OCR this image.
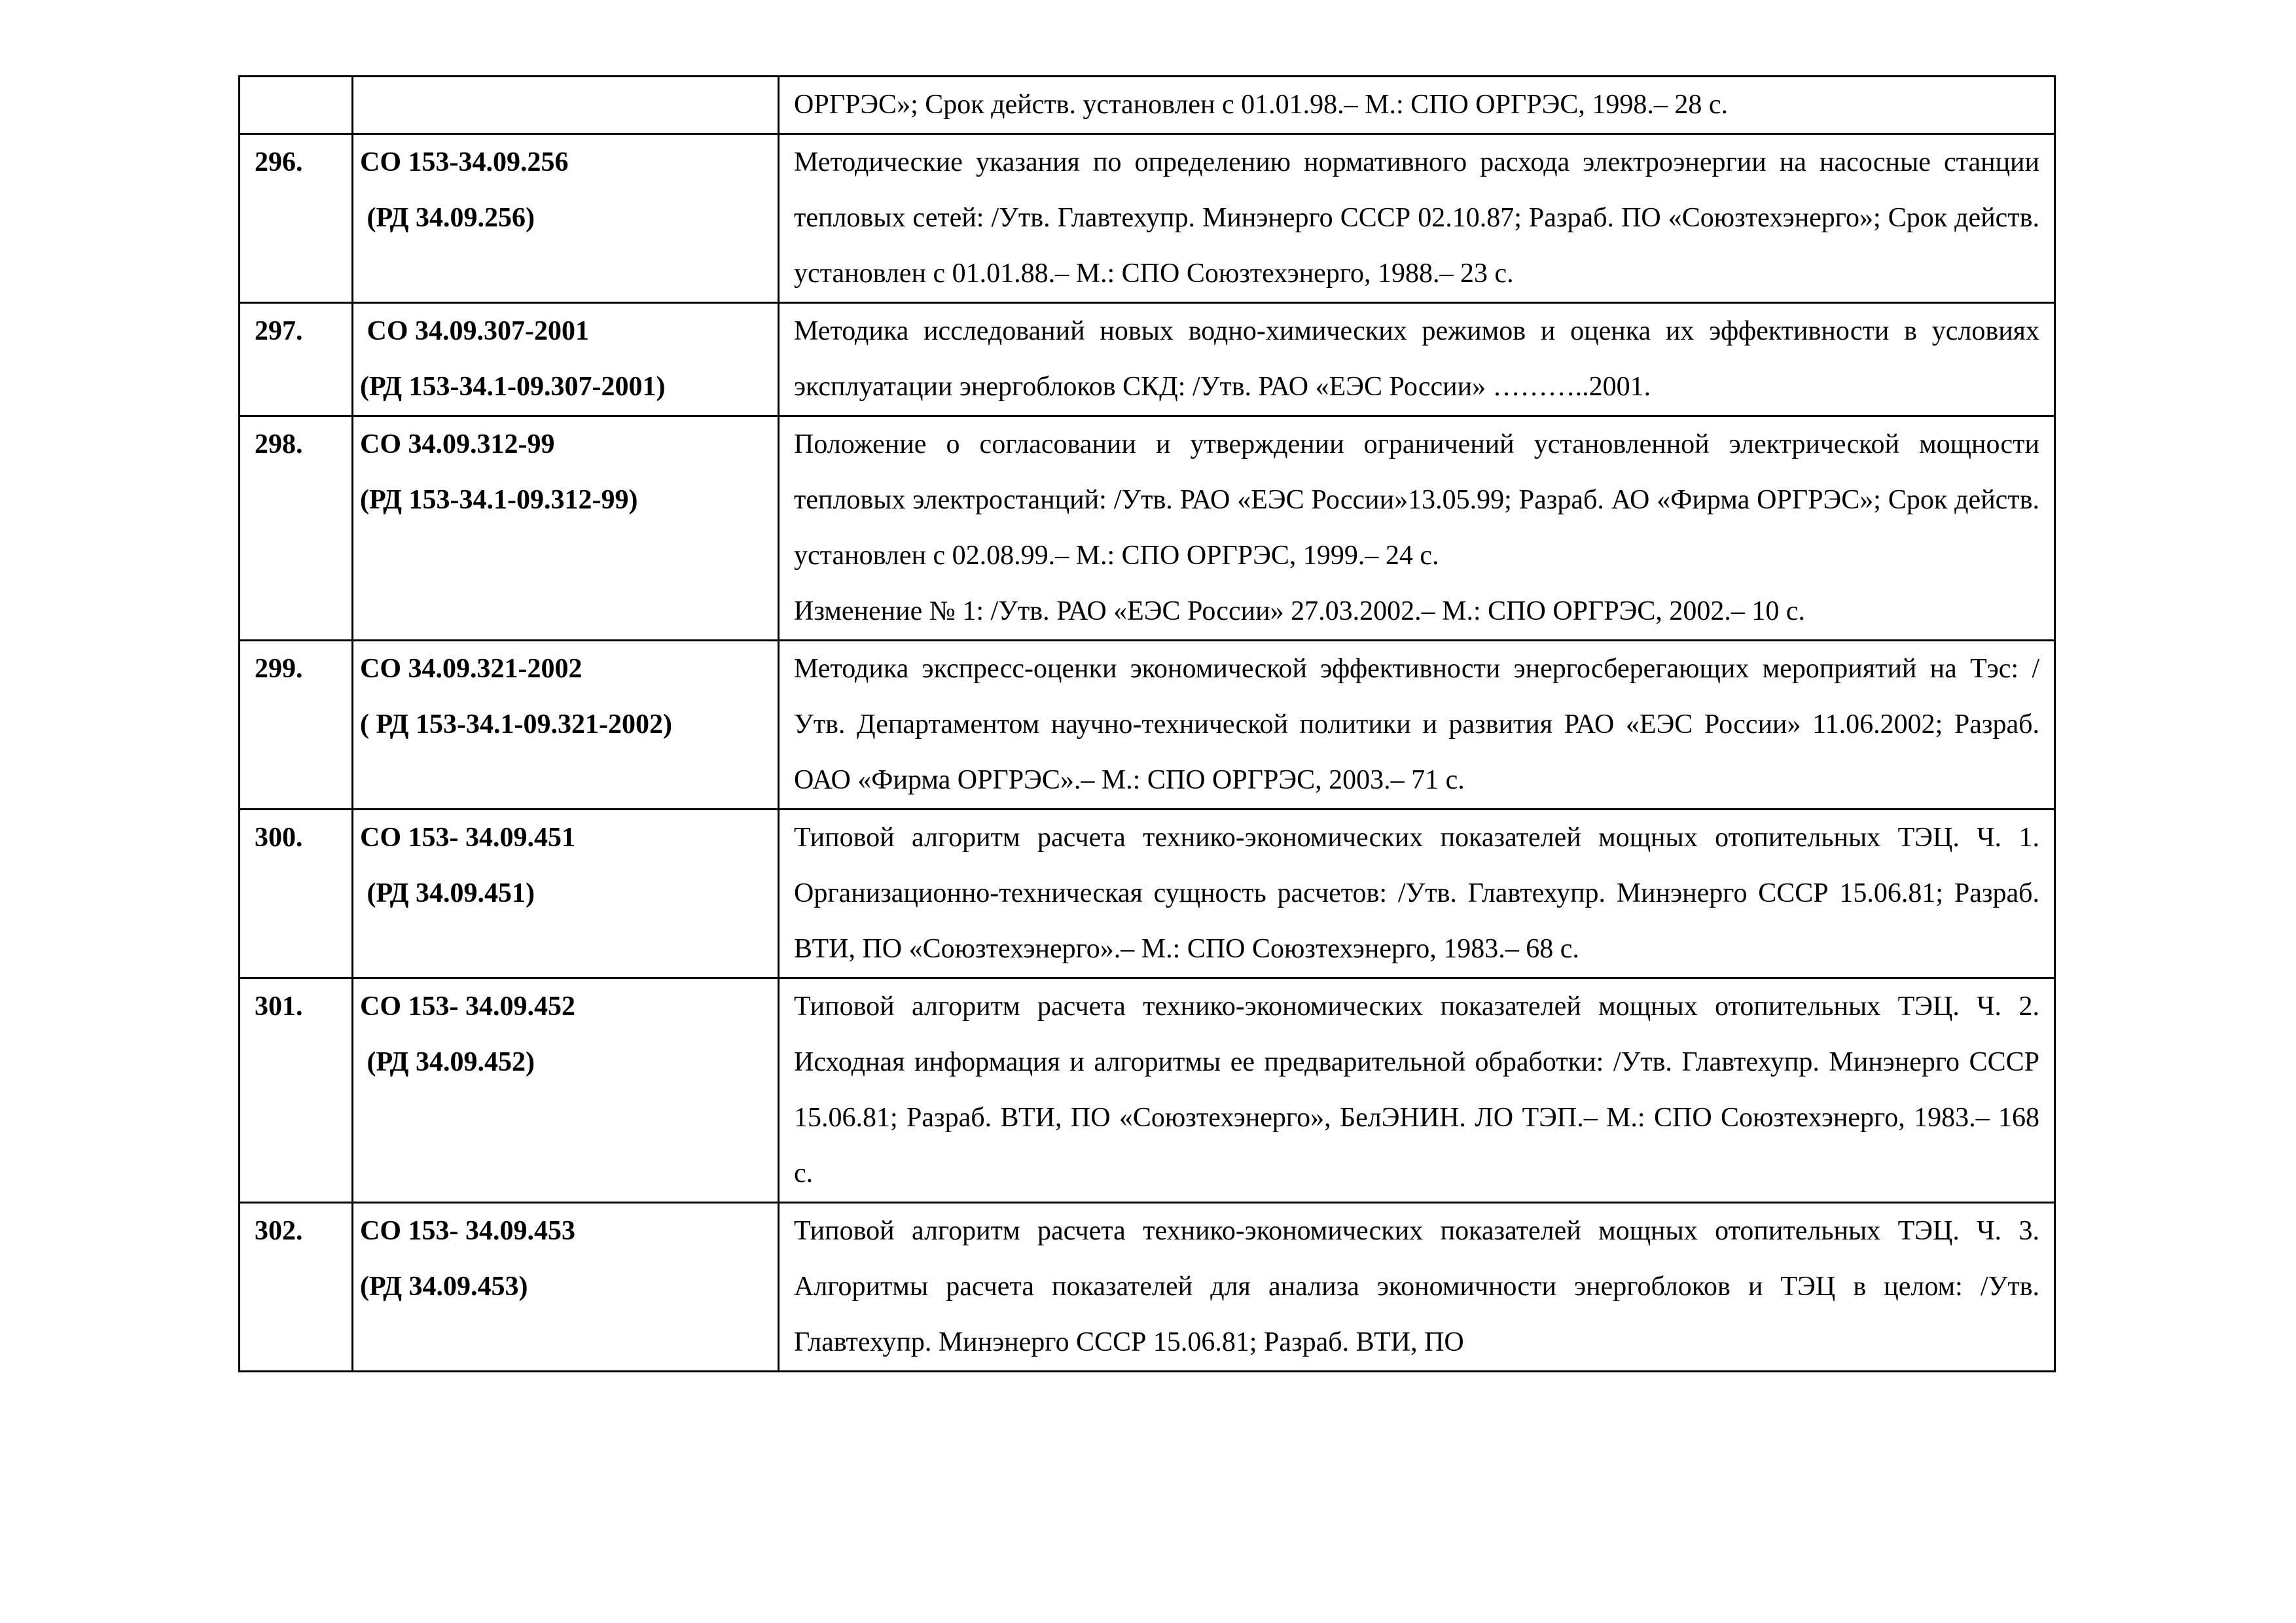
		ОРГРЭС»; Срок действ. установлен с 01.01.98.– М.: СПО ОРГРЭС, 1998.– 28 с.

296.	СО 153-34.09.256
(РД 34.09.256)	Методические указания по определению нормативного расхода электроэнергии на насосные станции тепловых сетей: /Утв. Главтехупр. Минэнерго СССР 02.10.87; Разраб. ПО «Союзтехэнерго»; Срок действ. установлен с 01.01.88.– М.: СПО Союзтехэнерго, 1988.– 23 с.

297.	СО 34.09.307-2001
(РД 153-34.1-09.307-2001)	Методика исследований новых водно-химических режимов и оценка их эффективности в условиях эксплуатации энергоблоков СКД: /Утв. РАО «ЕЭС России» ………..2001.

298.	СО 34.09.312-99
(РД 153-34.1-09.312-99)	Положение о согласовании и утверждении ограничений установленной электрической мощности тепловых электростанций: /Утв. РАО «ЕЭС России»13.05.99; Разраб. АО «Фирма ОРГРЭС»; Срок действ. установлен с 02.08.99.– М.: СПО ОРГРЭС, 1999.– 24 с.
Изменение № 1: /Утв. РАО «ЕЭС России» 27.03.2002.– М.: СПО ОРГРЭС, 2002.– 10 с.

299.	СО 34.09.321-2002
( РД 153-34.1-09.321-2002)	Методика экспресс-оценки экономической эффективности энергосберегающих мероприятий на Тэс: /Утв. Департаментом научно-технической политики и развития РАО «ЕЭС России» 11.06.2002; Разраб. ОАО «Фирма ОРГРЭС».– М.: СПО ОРГРЭС, 2003.– 71 с.

300.	СО 153- 34.09.451
(РД 34.09.451)	Типовой алгоритм расчета технико-экономических показателей мощных отопительных ТЭЦ. Ч. 1. Организационно-техническая сущность расчетов: /Утв. Главтехупр. Минэнерго СССР 15.06.81; Разраб. ВТИ, ПО «Союзтехэнерго».– М.: СПО Союзтехэнерго, 1983.– 68 с.

301.	СО 153- 34.09.452
(РД 34.09.452)	Типовой алгоритм расчета технико-экономических показателей мощных отопительных ТЭЦ. Ч. 2. Исходная информация и алгоритмы ее предварительной обработки: /Утв. Главтехупр. Минэнерго СССР 15.06.81; Разраб. ВТИ, ПО «Союзтехэнерго», БелЭНИН. ЛО ТЭП.– М.: СПО Союзтехэнерго, 1983.– 168 с.

302.	СО 153- 34.09.453
(РД 34.09.453)	Типовой алгоритм расчета технико-экономических показателей мощных отопительных ТЭЦ. Ч. 3. Алгоритмы расчета показателей для анализа экономичности энергоблоков и ТЭЦ в целом: /Утв. Главтехупр. Минэнерго СССР 15.06.81; Разраб. ВТИ, ПО
